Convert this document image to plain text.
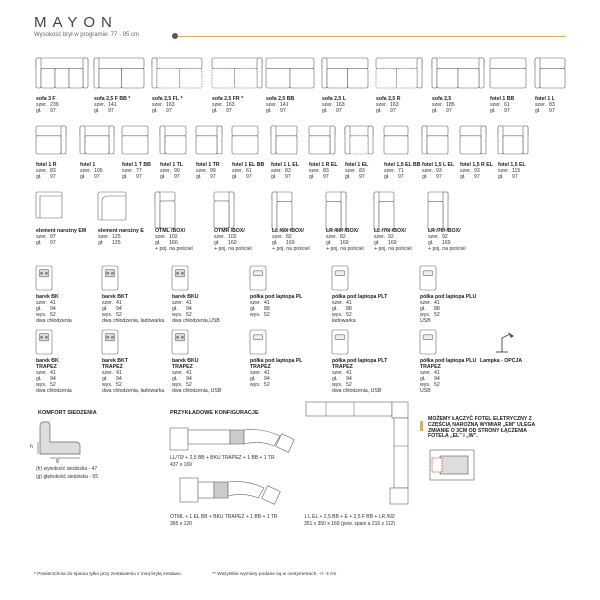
MAYON
Wysokość brył w programie: 77 - 95 cm
sofa 3 F
szer. 239
gł. 97
sofa 2,5 F BB *
szer. 141
gł. 97
sofa 2,5 FL *
szer. 163
gł. 97
sofa 2,5 FR *
szer. 163
gł. 97
sofa 2,5 BB
szer. 141
gł. 97
sofa 2,5 L
szer. 163
gł. 97
sofa 2,5 R
szer. 163
gł. 97
sofa 2,5
szer. 185
gł. 97
fotel 1 BB
szer. 61
gł. 97
fotel 1 L
szer. 83
gł. 97
fotel 1 R
szer. 83
gł. 97
fotel 1
szer. 105
gł. 97
fotel 1 T BB
szer. 77
gł. 97
fotel 1 TL
szer. 99
gł. 97
fotel 1 TR
szer. 99
gł. 97
fotel 1 EL BB
szer. 61
gł. 97
fotel 1 L EL
szer. 83
gł. 97
fotel 1 R EL
szer. 83
gł. 97
fotel 1 EL
szer. 83
gł. 97
fotel 1,5 EL BB
szer. 71
gł. 97
fotel 1,5 L EL
szer. 93
gł. 97
fotel 1,5 R EL
szer. 93
gł. 97
fotel 1,5 EL
szer. 115
gł. 97
element narożny EM
szer. 97
gł. 97
element narożny E
szer. 125
gł. 125
OTML /BOX/
szer. 102
gł. 160
+ poj. na pościel
OTMR /BOX/
szer. 102
gł. 160
+ poj. na pościel
LL /60/ /BOX/
szer. 82
gł. 169
+ poj. na pościel
LR /60/ /BOX/
szer. 82
gł. 169
+ poj. na pościel
LL /70/ /BOX/
szer. 92
gł. 169
+ poj. na pościel
LR /70/ /BOX/
szer. 92
gł. 169
+ poj. na pościel
barek BK
szer. 41
gł. 94
wys. 52
dwa chłodzenia
barek BKT
szer. 41
gł. 94
wys. 52
dwa chłodzenia, ładowarka
barek BKU
szer. 41
gł. 94
wys. 52
dwa chłodzenia,USB
półka pod laptopa PL
szer. 41
gł. 88
wys. 52
półka pod laptopa PLT
szer. 41
gł. 88
wys. 52
ładowarka
półka pod laptopa PLU
szer. 41
gł. 88
wys. 52
USB
barek BK
TRAPEZ
szer. 41
gł. 94
wys. 52
dwa chłodzenia
barek BKT
TRAPEZ
szer. 41
gł. 94
wys. 52
dwa chłodzenia, ładowarka
barek BKU
TRAPEZ
szer. 41
gł. 94
wys. 52
dwa chłodzenia, USB
półka pod laptopa PL
TRAPEZ
szer. 41
gł. 94
wys. 52
półka pod laptopa PLT
TRAPEZ
szer. 41
gł. 94
wys. 52
dwa chłodzenia, USB
półka pod laptopa PLU
TRAPEZ
szer. 41
gł. 94
wys. 52
USB
Lampka - OPCJA
KOMFORT SIEDZENIA
h
g
(h) wysokość siedziska - 47
(g) głębokość siedziska - 55
PRZYKŁADOWE KONFIGURACJE
LL/70/ + 2,5 BB + BKU TRAPEZ + 1 BB + 1 TR
437 x 169
OTML + 1 EL BB + BKU TRAPEZ + 1 BB + 1 TR
365 x 120
1 L EL + 2,5 BB + E + 2,5 F BB + LR /60/
351 x 350 x 169 (pow. spani a 216 x 112)
MOŻEMY ŁĄCZYĆ FOTEL ELETRYCZNY Z CZĘŚCIĄ NAROŻNĄ WYMIAR „EM” ULEGA ZMIANIE O 3CM OD STRONY ŁĄCZENIA FOTELA „EL” i „W”.
* Powierzchnia do spania tylko przy zestawieniu z inną bryłą zestawu.	** Wszystkie wymiary podane są w centymetrach, +/- 3 cm
